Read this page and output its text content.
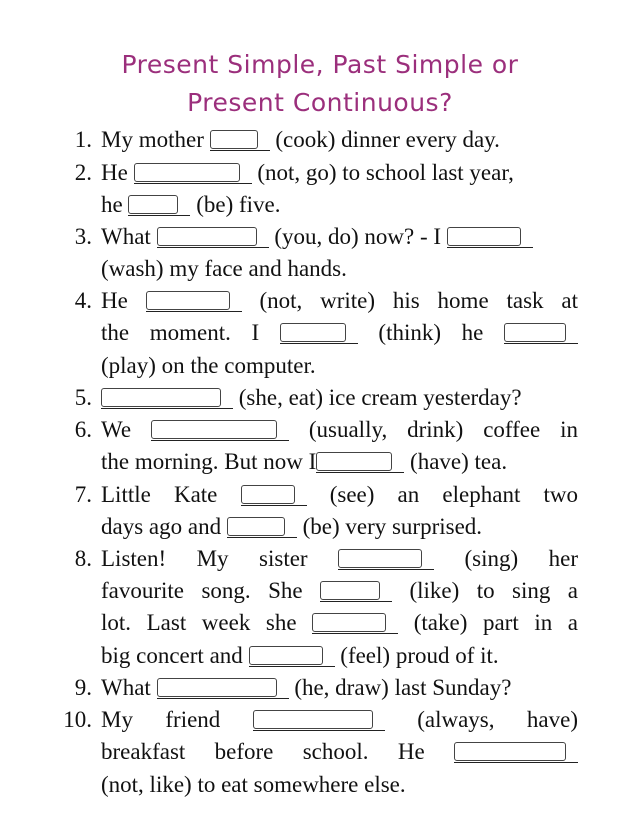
Present Simple, Past Simple or
Present Continuous?
1. My mother	(cook) dinner every day.
2. He	(not, go) to school last year,
he	(be) five.
3. What	(you, do) now? - I
(wash) my face and hands.
4. He	(not, write) his home task at
the moment. I	(think) he
(play) on the computer.
5.	(she, eat) ice cream yesterday?
6. We	(usually, drink) coffee in
the morning. But now I	(have) tea.
7. Little Kate	(see) an elephant two
days ago and	(be) very surprised.
8. Listen! My sister	(sing) her
favourite song. She	(like) to sing a
lot. Last week she	(take) part in a
big concert and	(feel) proud of it.
9. What	(he, draw) last Sunday?
10. My friend	(always, have)
breakfast before school. He
(not, like) to eat somewhere else.
